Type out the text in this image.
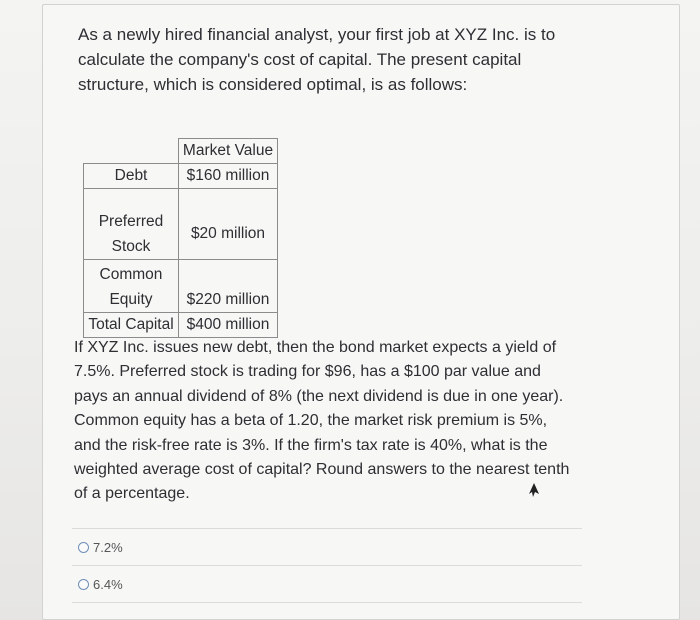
As a newly hired financial analyst, your first job at XYZ Inc. is to calculate the company's cost of capital. The present capital structure, which is considered optimal, is as follows:
	Market Value
Debt	$160 million

Preferred
Stock	$20 million

Common
Equity	$220 million
Total Capital	$400 million
If XYZ Inc. issues new debt, then the bond market expects a yield of 7.5%. Preferred stock is trading for $96, has a $100 par value and pays an annual dividend of 8% (the next dividend is due in one year). Common equity has a beta of 1.20, the market risk premium is 5%, and the risk-free rate is 3%. If the firm's tax rate is 40%, what is the weighted average cost of capital? Round answers to the nearest tenth of a percentage.
7.2%
6.4%
